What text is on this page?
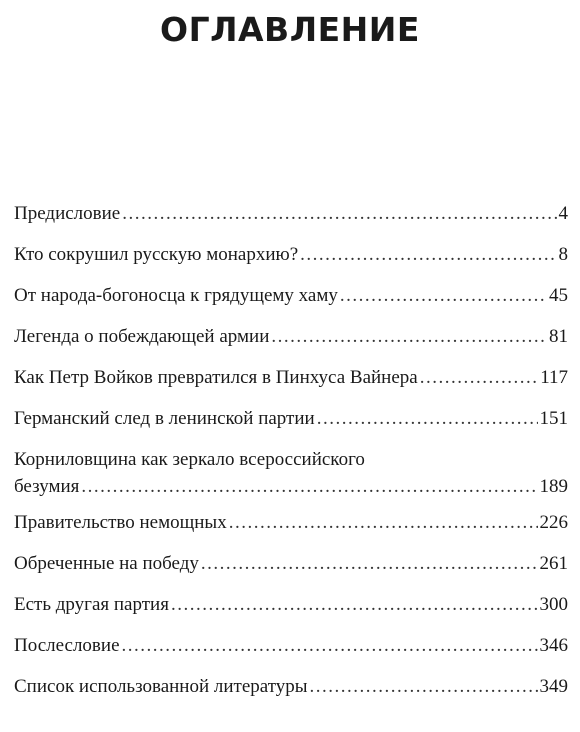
ОГЛАВЛЕНИЕ
Предисловие .....	4
Кто сокрушил русскую монархию? .....	8
От народа-богоносца к грядущему хаму .....	45
Легенда о побеждающей армии .....	81
Как Петр Войков превратился в Пинхуса Вайнера .....	117
Германский след в ленинской партии .....	151
Корниловщина как зеркало всероссийского
безумия .....	189
Правительство немощных .....	226
Обреченные на победу .....	261
Есть другая партия .....	300
Послесловие .....	346
Список использованной литературы .....	349
